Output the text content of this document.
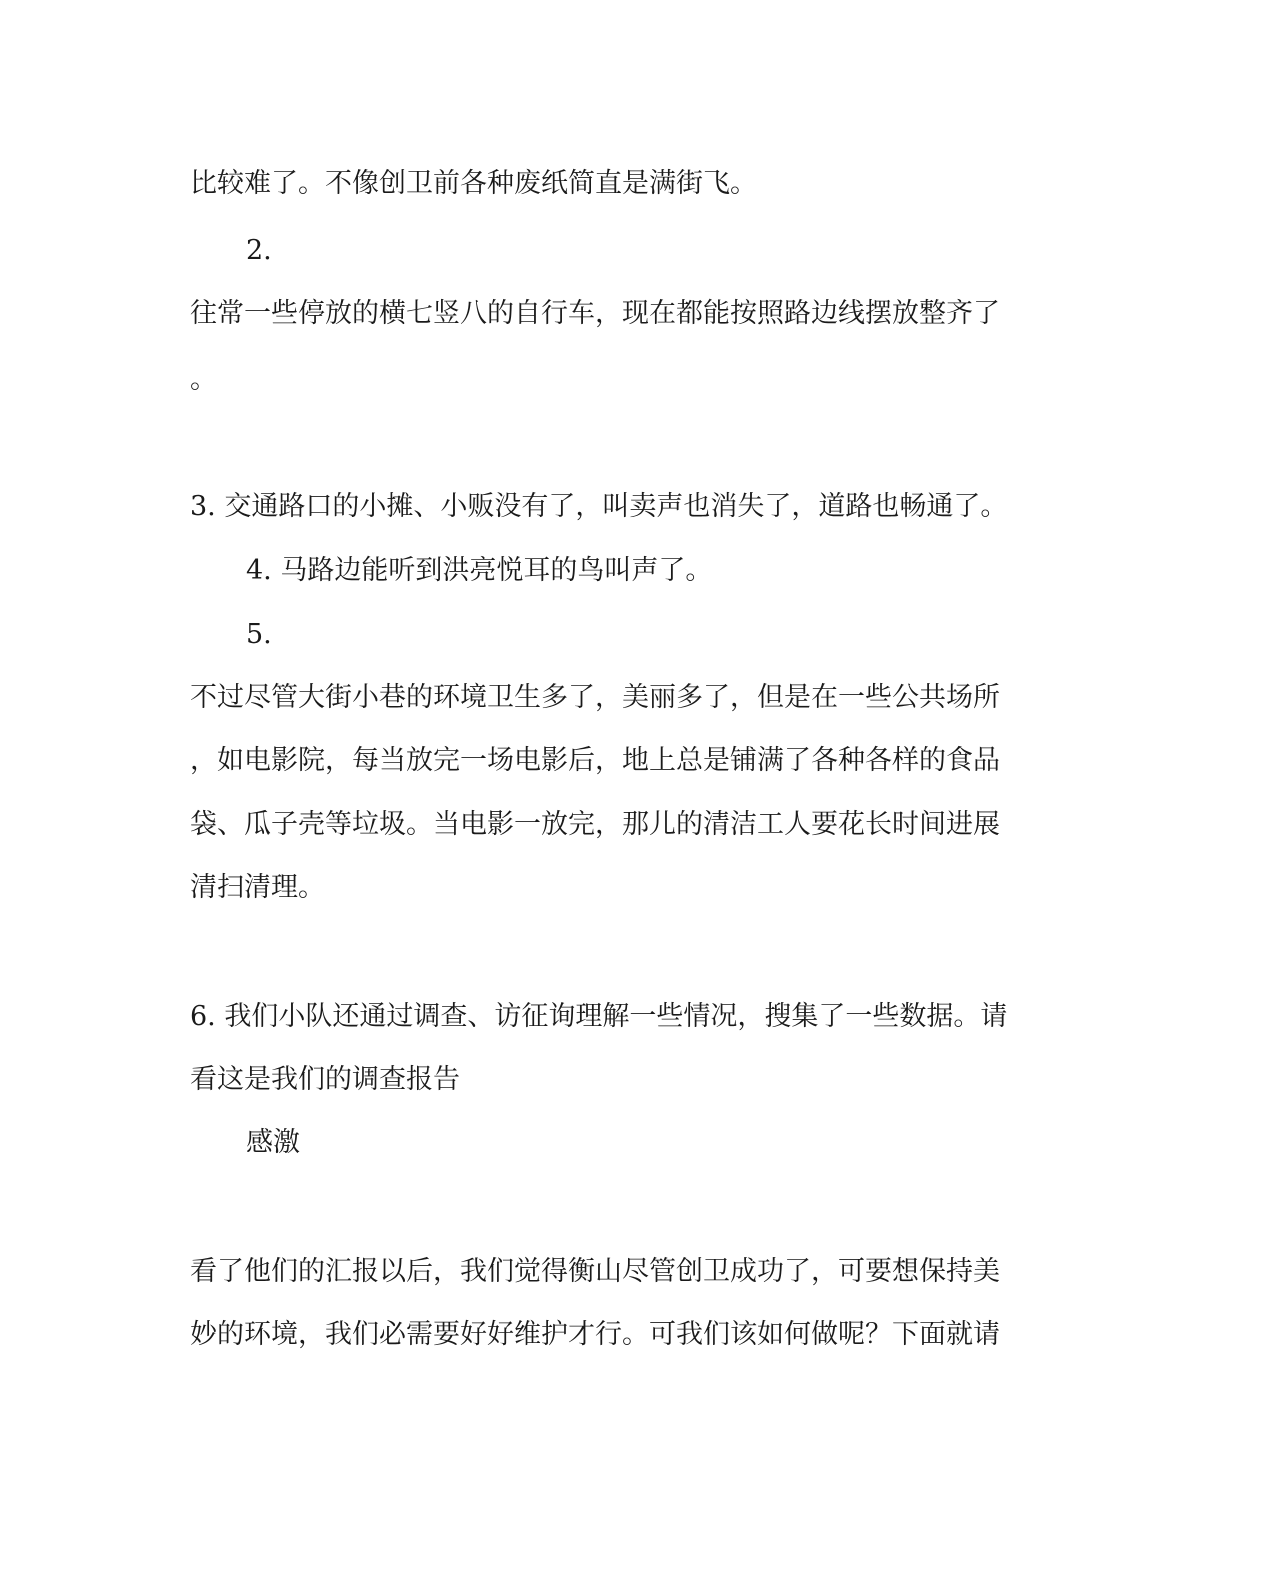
比较难了。不像创卫前各种废纸简直是满街飞。

2.

往常一些停放的横七竖八的自行车，现在都能按照路边线摆放整齐了

。

3. 交通路口的小摊、小贩没有了，叫卖声也消失了，道路也畅通了。

4. 马路边能听到洪亮悦耳的鸟叫声了。

5.

不过尽管大街小巷的环境卫生多了，美丽多了，但是在一些公共场所

，如电影院，每当放完一场电影后，地上总是铺满了各种各样的食品

袋、瓜子壳等垃圾。当电影一放完，那儿的清洁工人要花长时间进展

清扫清理。

6. 我们小队还通过调查、访征询理解一些情况，搜集了一些数据。请

看这是我们的调查报告

感激

看了他们的汇报以后，我们觉得衡山尽管创卫成功了，可要想保持美

妙的环境，我们必需要好好维护才行。可我们该如何做呢？下面就请
